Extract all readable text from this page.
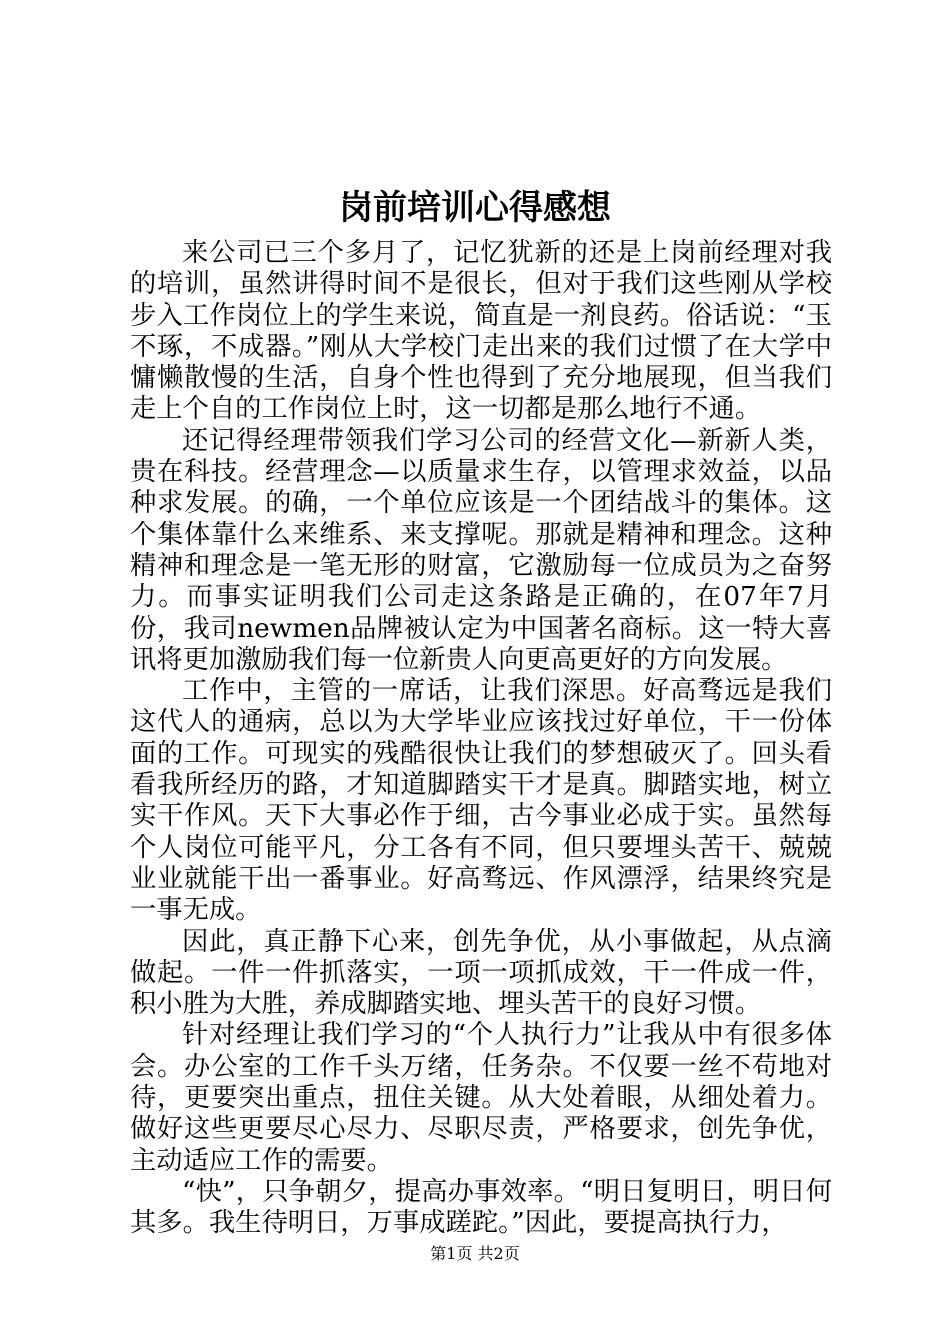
岗前培训心得感想

来公司已三个多月了，记忆犹新的还是上岗前经理对我的培训，虽然讲得时间不是很长，但对于我们这些刚从学校步入工作岗位上的学生来说，简直是一剂良药。俗话说：“玉不琢，不成器。”刚从大学校门走出来的我们过惯了在大学中慵懒散慢的生活，自身个性也得到了充分地展现，但当我们走上个自的工作岗位上时，这一切都是那么地行不通。

还记得经理带领我们学习公司的经营文化—新新人类，贵在科技。经营理念—以质量求生存，以管理求效益，以品种求发展。的确，一个单位应该是一个团结战斗的集体。这个集体靠什么来维系、来支撑呢。那就是精神和理念。这种精神和理念是一笔无形的财富，它激励每一位成员为之奋努力。而事实证明我们公司走这条路是正确的，在07年7月份，我司newmen品牌被认定为中国著名商标。这一特大喜讯将更加激励我们每一位新贵人向更高更好的方向发展。

工作中，主管的一席话，让我们深思。好高骛远是我们这代人的通病，总以为大学毕业应该找过好单位，干一份体面的工作。可现实的残酷很快让我们的梦想破灭了。回头看看我所经历的路，才知道脚踏实干才是真。脚踏实地，树立实干作风。天下大事必作于细，古今事业必成于实。虽然每个人岗位可能平凡，分工各有不同，但只要埋头苦干、兢兢业业就能干出一番事业。好高骛远、作风漂浮，结果终究是一事无成。

因此，真正静下心来，创先争优，从小事做起，从点滴做起。一件一件抓落实，一项一项抓成效，干一件成一件，积小胜为大胜，养成脚踏实地、埋头苦干的良好习惯。

针对经理让我们学习的“个人执行力”让我从中有很多体会。办公室的工作千头万绪，任务杂。不仅要一丝不苟地对待，更要突出重点，扭住关键。从大处着眼，从细处着力。做好这些更要尽心尽力、尽职尽责，严格要求，创先争优，主动适应工作的需要。

“快”，只争朝夕，提高办事效率。“明日复明日，明日何其多。我生待明日，万事成蹉跎。”因此，要提高执行力，

第1页 共2页
